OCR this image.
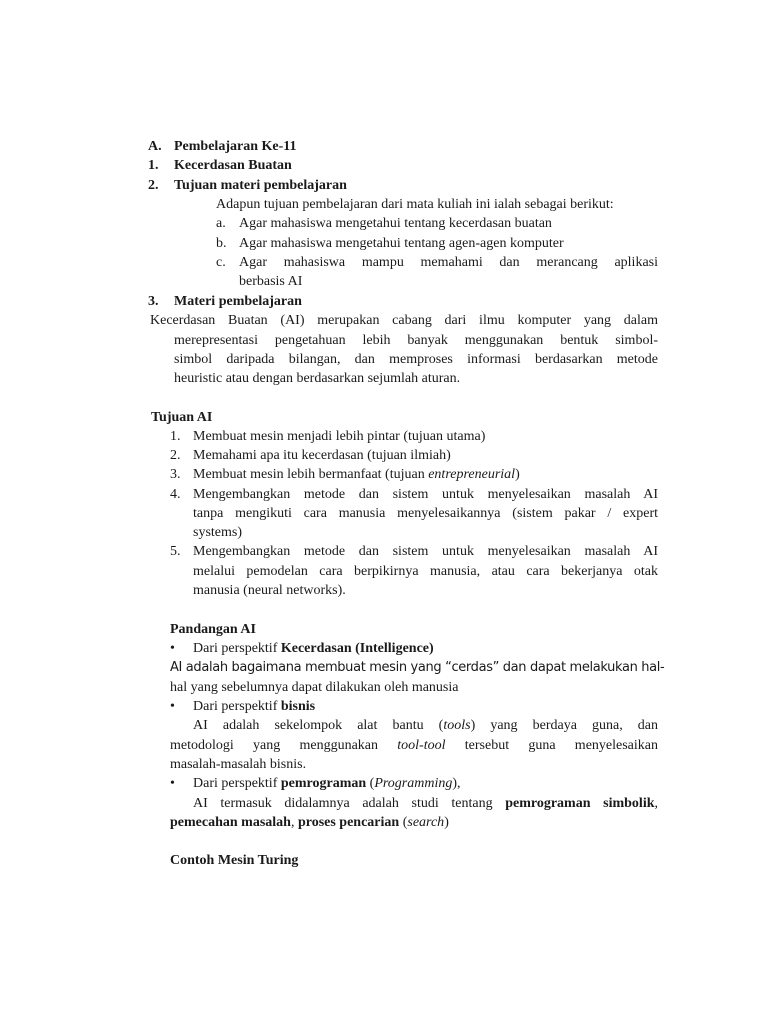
A. Pembelajaran Ke-11
1. Kecerdasan Buatan
2. Tujuan materi pembelajaran
Adapun tujuan pembelajaran dari mata kuliah ini ialah sebagai berikut:
a. Agar mahasiswa mengetahui tentang kecerdasan buatan
b. Agar mahasiswa mengetahui tentang agen-agen komputer
c. Agar mahasiswa mampu memahami dan merancang aplikasi
berbasis AI
3. Materi pembelajaran
Kecerdasan Buatan (AI) merupakan cabang dari ilmu komputer yang dalam
merepresentasi pengetahuan lebih banyak menggunakan bentuk simbol-
simbol daripada bilangan, dan memproses informasi berdasarkan metode
heuristic atau dengan berdasarkan sejumlah aturan.
Tujuan AI
1. Membuat mesin menjadi lebih pintar (tujuan utama)
2. Memahami apa itu kecerdasan (tujuan ilmiah)
3. Membuat mesin lebih bermanfaat (tujuan entrepreneurial)
4. Mengembangkan metode dan sistem untuk menyelesaikan masalah AI
tanpa mengikuti cara manusia menyelesaikannya (sistem pakar / expert
systems)
5. Mengembangkan metode dan sistem untuk menyelesaikan masalah AI
melalui pemodelan cara berpikirnya manusia, atau cara bekerjanya otak
manusia (neural networks).
Pandangan AI
• Dari perspektif Kecerdasan (Intelligence)
AI adalah bagaimana membuat mesin yang “cerdas” dan dapat melakukan hal-
hal yang sebelumnya dapat dilakukan oleh manusia
• Dari perspektif bisnis
AI adalah sekelompok alat bantu (tools) yang berdaya guna, dan
metodologi yang menggunakan tool-tool tersebut guna menyelesaikan
masalah-masalah bisnis.
• Dari perspektif pemrograman (Programming),
AI termasuk didalamnya adalah studi tentang pemrograman simbolik,
pemecahan masalah, proses pencarian (search)
Contoh Mesin Turing
